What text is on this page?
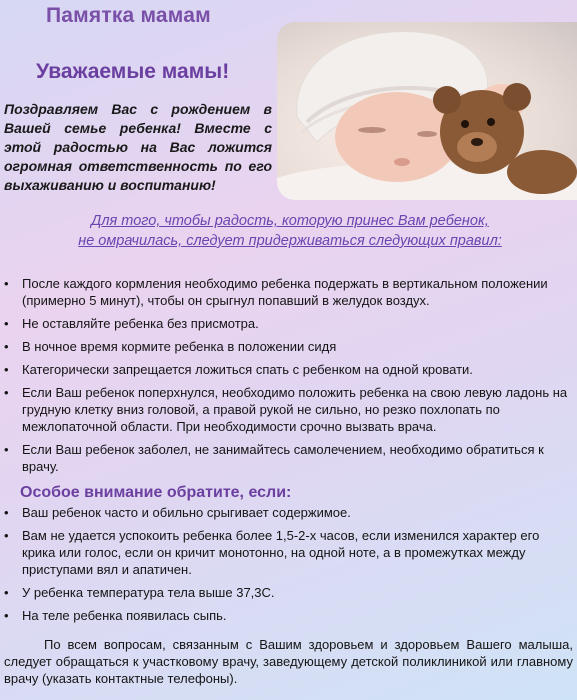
Памятка мамам
Уважаемые мамы!
Поздравляем Вас с рождением в Вашей семье ребенка! Вместе с этой радостью на Вас ложится огромная ответственность по его выхаживанию и воспитанию!
Для того, чтобы радость, которую принес Вам ребенок,
не омрачилась, следует придерживаться следующих правил:
• После каждого кормления необходимо ребенка подержать в вертикальном положении (примерно 5 минут), чтобы он срыгнул попавший в желудок воздух.
• Не оставляйте ребенка без присмотра.
• В ночное время кормите ребенка в положении сидя
• Категорически запрещается ложиться спать с ребенком на одной кровати.
• Если Ваш ребенок поперхнулся, необходимо положить ребенка на свою левую ладонь на грудную клетку вниз головой, а правой рукой не сильно, но резко похлопать по межлопаточной области. При необходимости срочно вызвать врача.
• Если Ваш ребенок заболел, не занимайтесь самолечением, необходимо обратиться к врачу.
Особое внимание обратите, если:
• Ваш ребенок часто и обильно срыгивает содержимое.
• Вам не удается успокоить ребенка более 1,5-2-х часов, если изменился характер его крика или голос, если он кричит монотонно, на одной ноте, а в промежутках между приступами вял и апатичен.
• У ребенка температура тела выше 37,3С.
• На теле ребенка появилась сыпь.
По всем вопросам, связанным с Вашим здоровьем и здоровьем Вашего малыша, следует обращаться к участковому врачу, заведующему детской поликлиникой или главному врачу (указать контактные телефоны).
